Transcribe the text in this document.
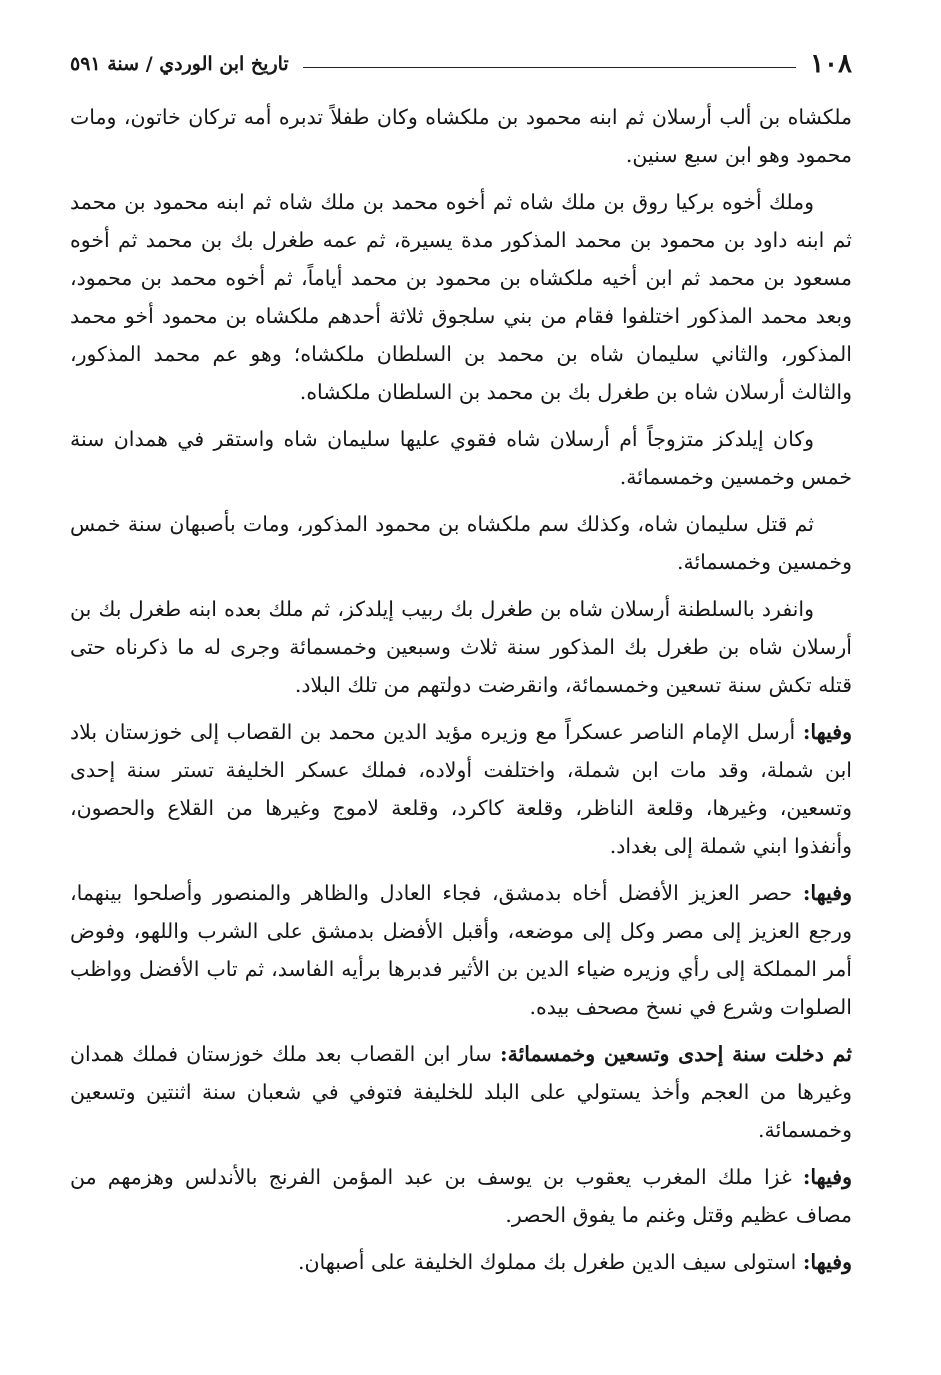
١٠٨
تاريخ ابن الوردي / سنة ٥٩١

ملكشاه بن ألب أرسلان ثم ابنه محمود بن ملكشاه وكان طفلاً تدبره أمه تركان خاتون، ومات محمود وهو ابن سبع سنين.

وملك أخوه بركيا روق بن ملك شاه ثم أخوه محمد بن ملك شاه ثم ابنه محمود بن محمد ثم ابنه داود بن محمود بن محمد المذكور مدة يسيرة، ثم عمه طغرل بك بن محمد ثم أخوه مسعود بن محمد ثم ابن أخيه ملكشاه بن محمود بن محمد أياماً، ثم أخوه محمد بن محمود، وبعد محمد المذكور اختلفوا فقام من بني سلجوق ثلاثة أحدهم ملكشاه بن محمود أخو محمد المذكور، والثاني سليمان شاه بن محمد بن السلطان ملكشاه؛ وهو عم محمد المذكور، والثالث أرسلان شاه بن طغرل بك بن محمد بن السلطان ملكشاه.

وكان إيلدكز متزوجاً أم أرسلان شاه فقوي عليها سليمان شاه واستقر في همدان سنة خمس وخمسين وخمسمائة.

ثم قتل سليمان شاه، وكذلك سم ملكشاه بن محمود المذكور، ومات بأصبهان سنة خمس وخمسين وخمسمائة.

وانفرد بالسلطنة أرسلان شاه بن طغرل بك ربيب إيلدكز، ثم ملك بعده ابنه طغرل بك بن أرسلان شاه بن طغرل بك المذكور سنة ثلاث وسبعين وخمسمائة وجرى له ما ذكرناه حتى قتله تكش سنة تسعين وخمسمائة، وانقرضت دولتهم من تلك البلاد.

وفيها: أرسل الإمام الناصر عسكراً مع وزيره مؤيد الدين محمد بن القصاب إلى خوزستان بلاد ابن شملة، وقد مات ابن شملة، واختلفت أولاده، فملك عسكر الخليفة تستر سنة إحدى وتسعين، وغيرها، وقلعة الناظر، وقلعة كاكرد، وقلعة لاموج وغيرها من القلاع والحصون، وأنفذوا ابني شملة إلى بغداد.

وفيها: حصر العزيز الأفضل أخاه بدمشق، فجاء العادل والظاهر والمنصور وأصلحوا بينهما، ورجع العزيز إلى مصر وكل إلى موضعه، وأقبل الأفضل بدمشق على الشرب واللهو، وفوض أمر المملكة إلى رأي وزيره ضياء الدين بن الأثير فدبرها برأيه الفاسد، ثم تاب الأفضل وواظب الصلوات وشرع في نسخ مصحف بيده.

ثم دخلت سنة إحدى وتسعين وخمسمائة: سار ابن القصاب بعد ملك خوزستان فملك همدان وغيرها من العجم وأخذ يستولي على البلد للخليفة فتوفي في شعبان سنة اثنتين وتسعين وخمسمائة.

وفيها: غزا ملك المغرب يعقوب بن يوسف بن عبد المؤمن الفرنج بالأندلس وهزمهم من مصاف عظيم وقتل وغنم ما يفوق الحصر.

وفيها: استولى سيف الدين طغرل بك مملوك الخليفة على أصبهان.
